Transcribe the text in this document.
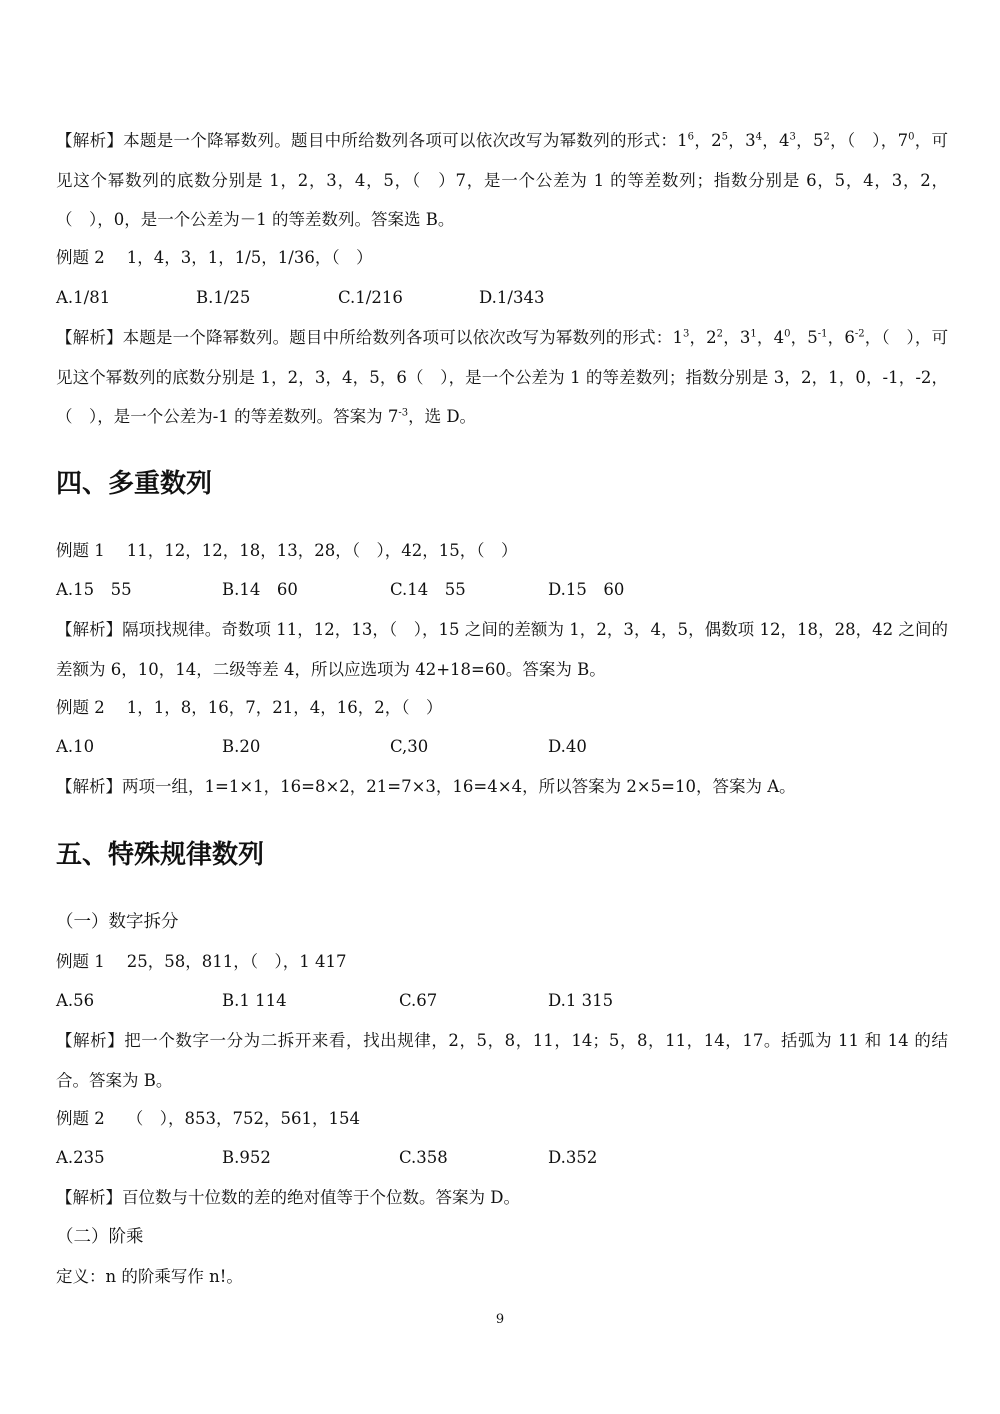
【解析】本题是一个降幂数列。题目中所给数列各项可以依次改写为幂数列的形式：$1^6$，$2^5$，$3^4$，$4^3$，$5^2$，（　），$7^0$，可见这个幂数列的底数分别是 1，2，3，4，5，（　）7，是一个公差为 1 的等差数列；指数分别是 6，5，4，3，2，（　），0，是一个公差为－1 的等差数列。答案选 B。
例题 2 1，4，3，1，1/5，1/36，（　）
A.1/81	B.1/25	C.1/216	D.1/343
【解析】本题是一个降幂数列。题目中所给数列各项可以依次改写为幂数列的形式：$1^3$，$2^2$，$3^1$，$4^0$，$5^{-1}$，$6^{-2}$，（　），可见这个幂数列的底数分别是 1，2，3，4，5，6（　），是一个公差为 1 的等差数列；指数分别是 3，2，1，0，-1，-2，（　），是一个公差为-1 的等差数列。答案为 $7^{-3}$，选 D。
四、多重数列
例题 1 11，12，12，18，13，28，（　），42，15，（　）
A.15　55	B.14　60	C.14　55	D.15　60
【解析】隔项找规律。奇数项 11，12，13，（　），15 之间的差额为 1，2，3，4，5，偶数项 12，18，28，42 之间的差额为 6，10，14，二级等差 4，所以应选项为 42+18=60。答案为 B。
例题 2 1，1，8，16，7，21，4，16，2，（　）
A.10	B.20	C,30	D.40
【解析】两项一组，1=1×1，16=8×2，21=7×3，16=4×4，所以答案为 2×5=10，答案为 A。
五、特殊规律数列
（一）数字拆分
例题 1 25，58，811，（　），1 417
A.56	B.1 114	C.67	D.1 315
【解析】把一个数字一分为二拆开来看，找出规律，2，5，8，11，14；5，8，11，14，17。括弧为 11 和 14 的结合。答案为 B。
例题 2 （　），853，752，561，154
A.235	B.952	C.358	D.352
【解析】百位数与十位数的差的绝对值等于个位数。答案为 D。
（二）阶乘
定义：n 的阶乘写作 n!。
9
